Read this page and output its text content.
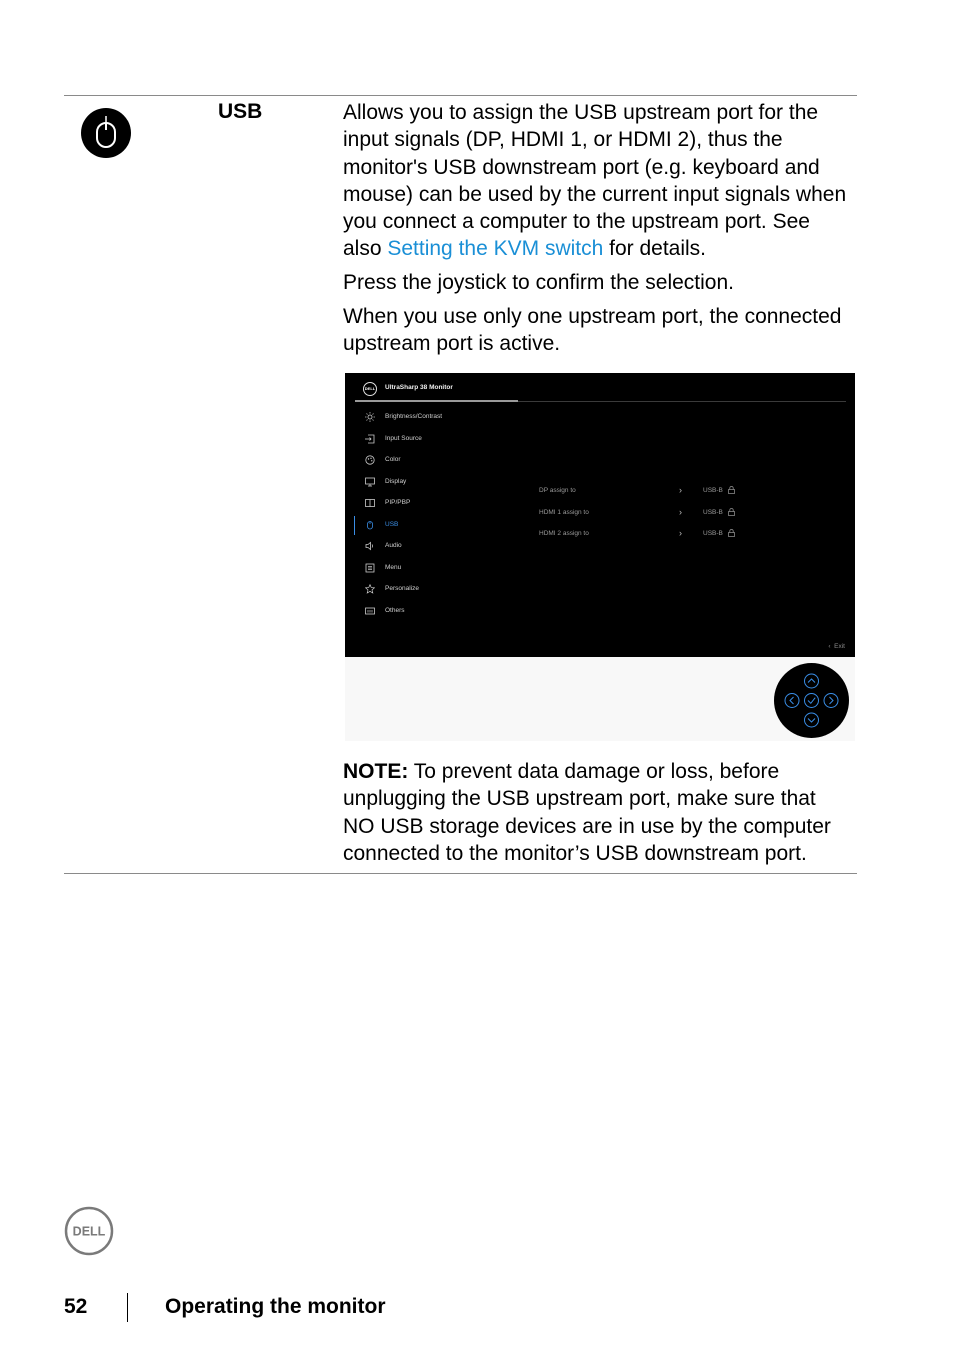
USB	Allows you to assign the USB upstream port for the input signals (DP, HDMI 1, or HDMI 2), thus the monitor's USB downstream port (e.g. keyboard and mouse) can be used by the current input signals when you connect a computer to the upstream port. See also Setting the KVM switch for details.
Press the joystick to confirm the selection.
When you use only one upstream port, the connected upstream port is active.
DELL UltraSharp 38 Monitor
Brightness/Contrast
Input Source
Color
Display
PIP/PBP
USB
Audio
Menu
Personalize
Others
DP assign to	›	USB-B
HDMI 1 assign to	›	USB-B
HDMI 2 assign to	›	USB-B
‹ Exit
NOTE: To prevent data damage or loss, before unplugging the USB upstream port, make sure that NO USB storage devices are in use by the computer connected to the monitor’s USB downstream port.
DELL
52	Operating the monitor
